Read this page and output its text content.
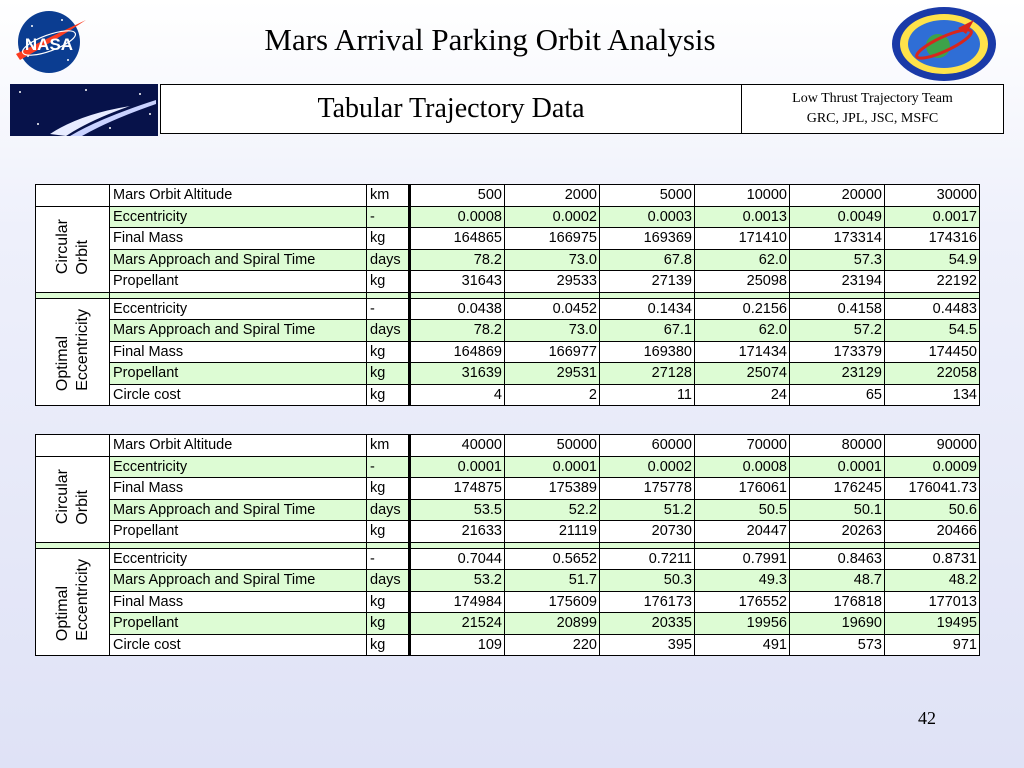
NASA	Mars Arrival Parking Orbit Analysis
Tabular Trajectory Data	Low Thrust Trajectory Team
GRC, JPL, JSC, MSFC
	Mars Orbit Altitude	km	500	2000	5000	10000	20000	30000
Circular Orbit	Eccentricity	-	0.0008	0.0002	0.0003	0.0013	0.0049	0.0017
	Final Mass	kg	164865	166975	169369	171410	173314	174316
	Mars Approach and Spiral Time	days	78.2	73.0	67.8	62.0	57.3	54.9
	Propellant	kg	31643	29533	27139	25098	23194	22192

Optimal Eccentricity	Eccentricity	-	0.0438	0.0452	0.1434	0.2156	0.4158	0.4483
	Mars Approach and Spiral Time	days	78.2	73.0	67.1	62.0	57.2	54.5
	Final Mass	kg	164869	166977	169380	171434	173379	174450
	Propellant	kg	31639	29531	27128	25074	23129	22058
	Circle cost	kg	4	2	11	24	65	134
	Mars Orbit Altitude	km	40000	50000	60000	70000	80000	90000
Circular Orbit	Eccentricity	-	0.0001	0.0001	0.0002	0.0008	0.0001	0.0009
	Final Mass	kg	174875	175389	175778	176061	176245	176041.73
	Mars Approach and Spiral Time	days	53.5	52.2	51.2	50.5	50.1	50.6
	Propellant	kg	21633	21119	20730	20447	20263	20466

Optimal Eccentricity	Eccentricity	-	0.7044	0.5652	0.7211	0.7991	0.8463	0.8731
	Mars Approach and Spiral Time	days	53.2	51.7	50.3	49.3	48.7	48.2
	Final Mass	kg	174984	175609	176173	176552	176818	177013
	Propellant	kg	21524	20899	20335	19956	19690	19495
	Circle cost	kg	109	220	395	491	573	971
42
